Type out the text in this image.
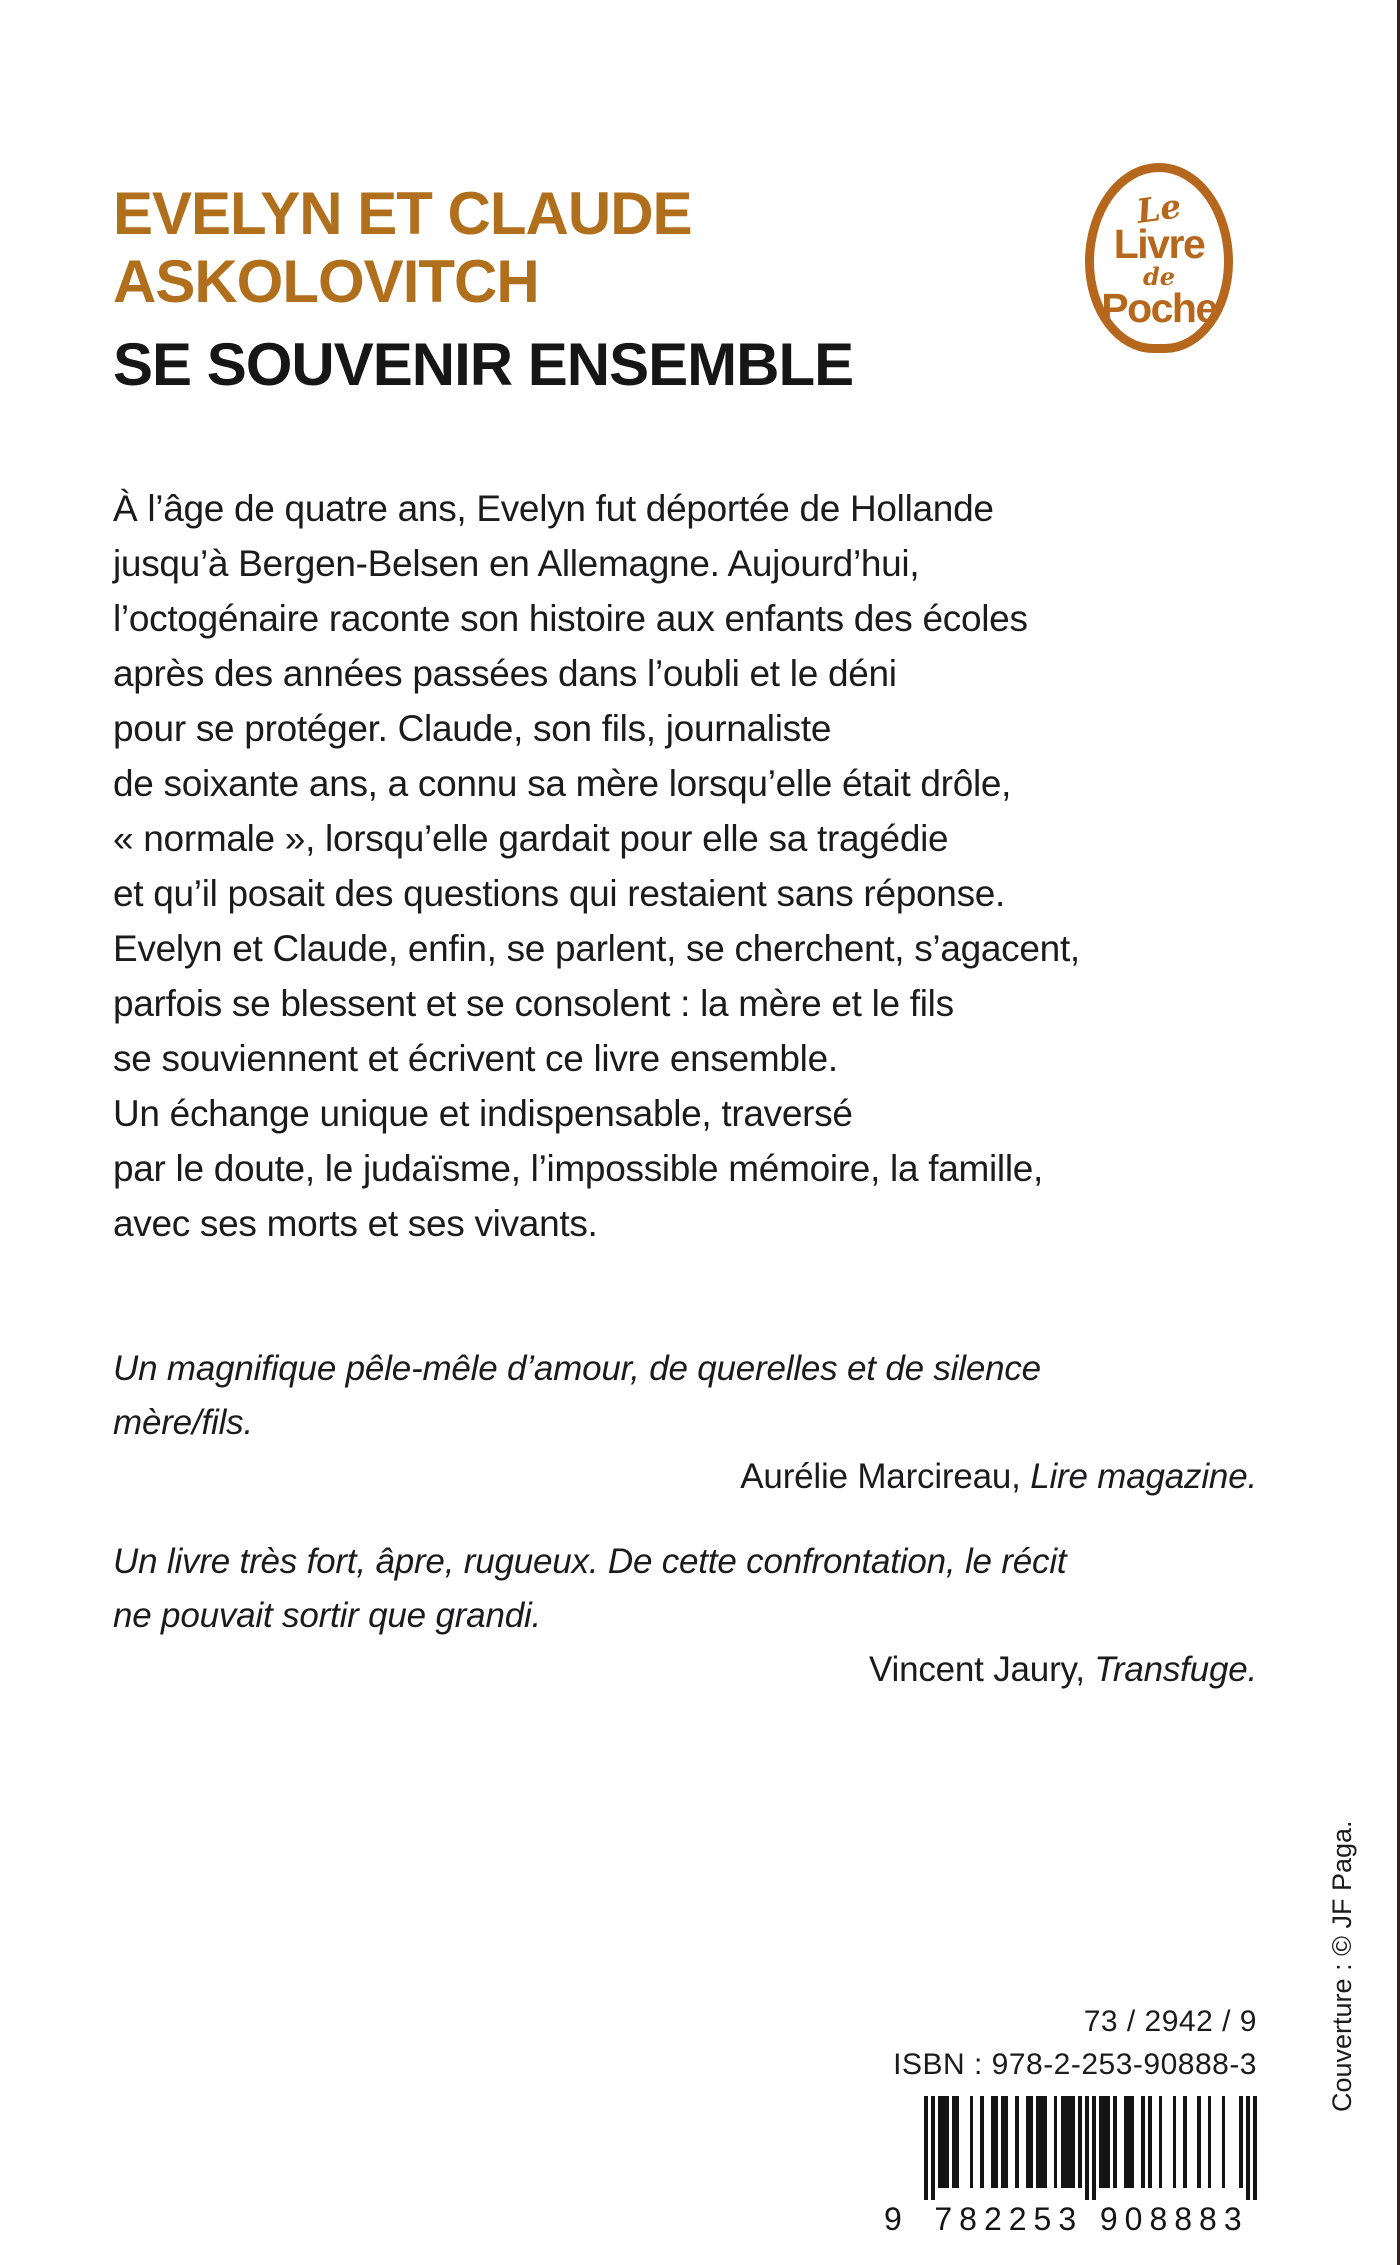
EVELYN ET CLAUDE
ASKOLOVITCH
SE SOUVENIR ENSEMBLE
Le
Livre
de
Poche
À l’âge de quatre ans, Evelyn fut déportée de Hollande
jusqu’à Bergen-Belsen en Allemagne. Aujourd’hui,
l’octogénaire raconte son histoire aux enfants des écoles
après des années passées dans l’oubli et le déni
pour se protéger. Claude, son fils, journaliste
de soixante ans, a connu sa mère lorsqu’elle était drôle,
« normale », lorsqu’elle gardait pour elle sa tragédie
et qu’il posait des questions qui restaient sans réponse.
Evelyn et Claude, enfin, se parlent, se cherchent, s’agacent,
parfois se blessent et se consolent : la mère et le fils
se souviennent et écrivent ce livre ensemble.
Un échange unique et indispensable, traversé
par le doute, le judaïsme, l’impossible mémoire, la famille,
avec ses morts et ses vivants.
Un magnifique pêle-mêle d’amour, de querelles et de silence
mère/fils.
Aurélie Marcireau, Lire magazine.
Un livre très fort, âpre, rugueux. De cette confrontation, le récit
ne pouvait sortir que grandi.
Vincent Jaury, Transfuge.
73 / 2942 / 9
ISBN : 978-2-253-90888-3
9	782253 908883
Couverture : © JF Paga.
